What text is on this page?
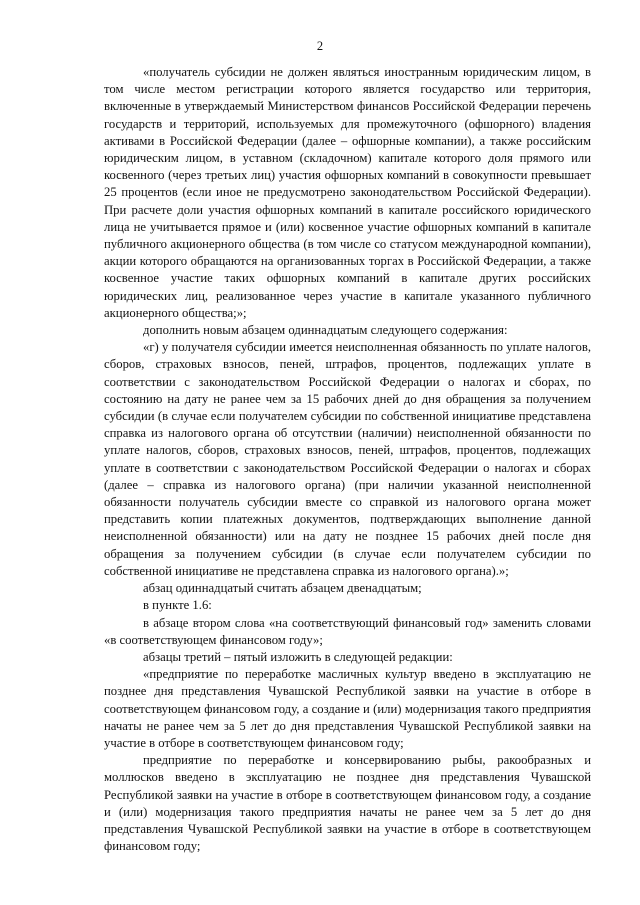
2

«получатель субсидии не должен являться иностранным юридическим лицом, в том числе местом регистрации которого является государство или территория, включенные в утверждаемый Министерством финансов Российской Федерации перечень государств и территорий, используемых для промежуточного (офшорного) владения активами в Российской Федерации (далее – офшорные компании), а также российским юридическим лицом, в уставном (складочном) капитале которого доля прямого или косвенного (через третьих лиц) участия офшорных компаний в совокупности превышает 25 процентов (если иное не предусмотрено законодательством Российской Федерации). При расчете доли участия офшорных компаний в капитале российского юридического лица не учитывается прямое и (или) косвенное участие офшорных компаний в капитале публичного акционерного общества (в том числе со статусом международной компании), акции которого обращаются на организованных торгах в Российской Федерации, а также косвенное участие таких офшорных компаний в капитале других российских юридических лиц, реализованное через участие в капитале указанного публичного акционерного общества;»;

дополнить новым абзацем одиннадцатым следующего содержания:

«г) у получателя субсидии имеется неисполненная обязанность по уплате налогов, сборов, страховых взносов, пеней, штрафов, процентов, подлежащих уплате в соответствии с законодательством Российской Федерации о налогах и сборах, по состоянию на дату не ранее чем за 15 рабочих дней до дня обращения за получением субсидии (в случае если получателем субсидии по собственной инициативе представлена справка из налогового органа об отсутствии (наличии) неисполненной обязанности по уплате налогов, сборов, страховых взносов, пеней, штрафов, процентов, подлежащих уплате в соответствии с законодательством Российской Федерации о налогах и сборах (далее – справка из налогового органа) (при наличии указанной неисполненной обязанности получатель субсидии вместе со справкой из налогового органа может представить копии платежных документов, подтверждающих выполнение данной неисполненной обязанности) или на дату не позднее 15 рабочих дней после дня обращения за получением субсидии (в случае если получателем субсидии по собственной инициативе не представлена справка из налогового органа).»;

абзац одиннадцатый считать абзацем двенадцатым;

в пункте 1.6:

в абзаце втором слова «на соответствующий финансовый год» заменить словами «в соответствующем финансовом году»;

абзацы третий – пятый изложить в следующей редакции:

«предприятие по переработке масличных культур введено в эксплуатацию не позднее дня представления Чувашской Республикой заявки на участие в отборе в соответствующем финансовом году, а создание и (или) модернизация такого предприятия начаты не ранее чем за 5 лет до дня представления Чувашской Республикой заявки на участие в отборе в соответствующем финансовом году;

предприятие по переработке и консервированию рыбы, ракообразных и моллюсков введено в эксплуатацию не позднее дня представления Чувашской Республикой заявки на участие в отборе в соответствующем финансовом году, а создание и (или) модернизация такого предприятия начаты не ранее чем за 5 лет до дня представления Чувашской Республикой заявки на участие в отборе в соответствующем финансовом году;
